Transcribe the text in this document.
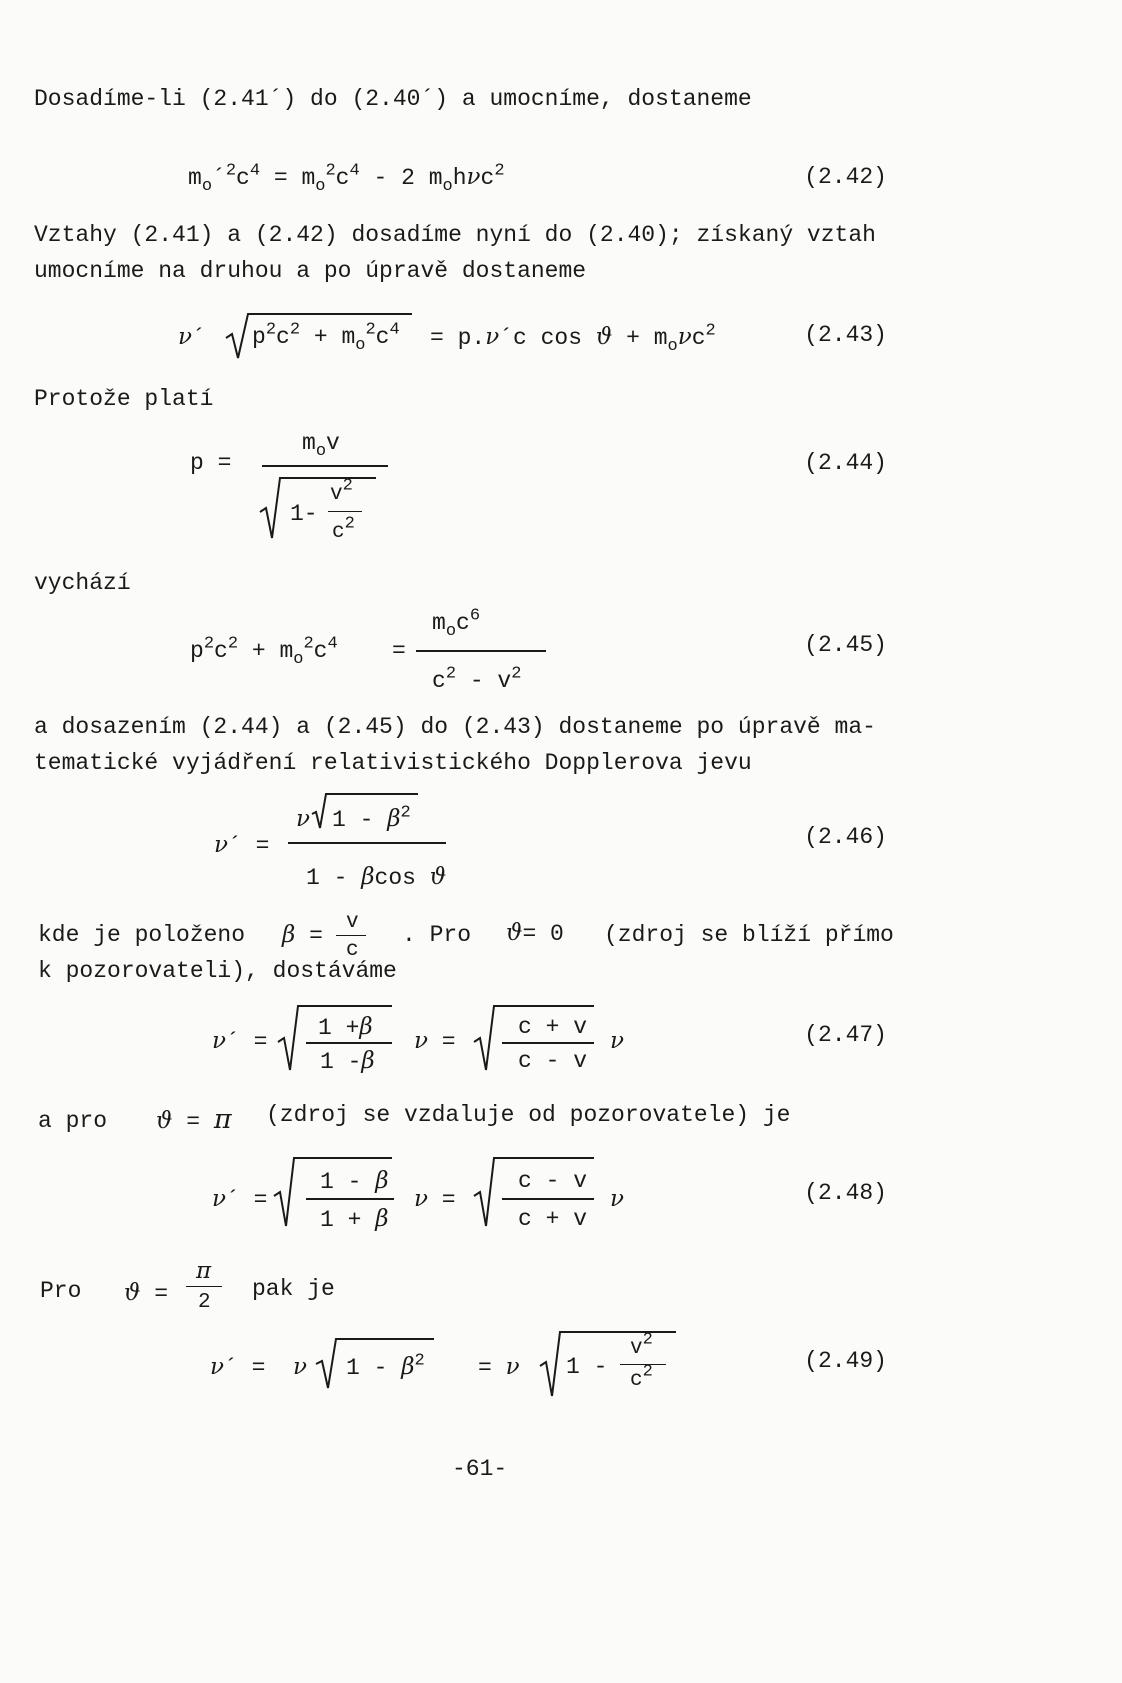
Dosadíme-li (2.41´) do (2.40´) a umocníme, dostaneme
$m_o´^2c^4 = m_o^2c^4 - 2$ $m_oh\nu c^2$	(2.42)
Vztahy (2.41) a (2.42) dosadíme nyní do (2.40); získaný vztah
umocníme na druhou a po úpravě dostaneme
ν´ $p^2c^2 + m_o^2c^4$ = p.ν´c $\cos ϑ + m_o\nu c^2$	(2.43)
Protože platí
p =
$m_ov$
1-
$v^2$
$c^2$
(2.44)
vychází
$p^2c^2 + m_o^2c^4$ =
$m_oc^6$
$c^2 - v^2$
(2.45)
a dosazením (2.44) a (2.45) do (2.43) dostaneme po úpravě ma-
tematické vyjádření relativistického Dopplerova jevu
ν´ =
ν $1 - \beta^2$
1 - βcos ϑ
(2.46)
kde je položeno β =
v
c
. Pro ϑ= 0 (zdroj se blíží přímo
k pozorovateli), dostáváme
ν´ =
1 +β
1 -β
ν =
c + v
c - v
ν	(2.47)
a pro ϑ = π (zdroj se vzdaluje od pozorovatele) je
ν´ =
1 - β
1 + β
ν =
c - v
c + v
ν	(2.48)
Pro ϑ =
π
2
pak je
ν´ =  ν $1 - \beta^2 = \nu$ 1 -
$v^2$
$c^2$	(2.49)
-61-
